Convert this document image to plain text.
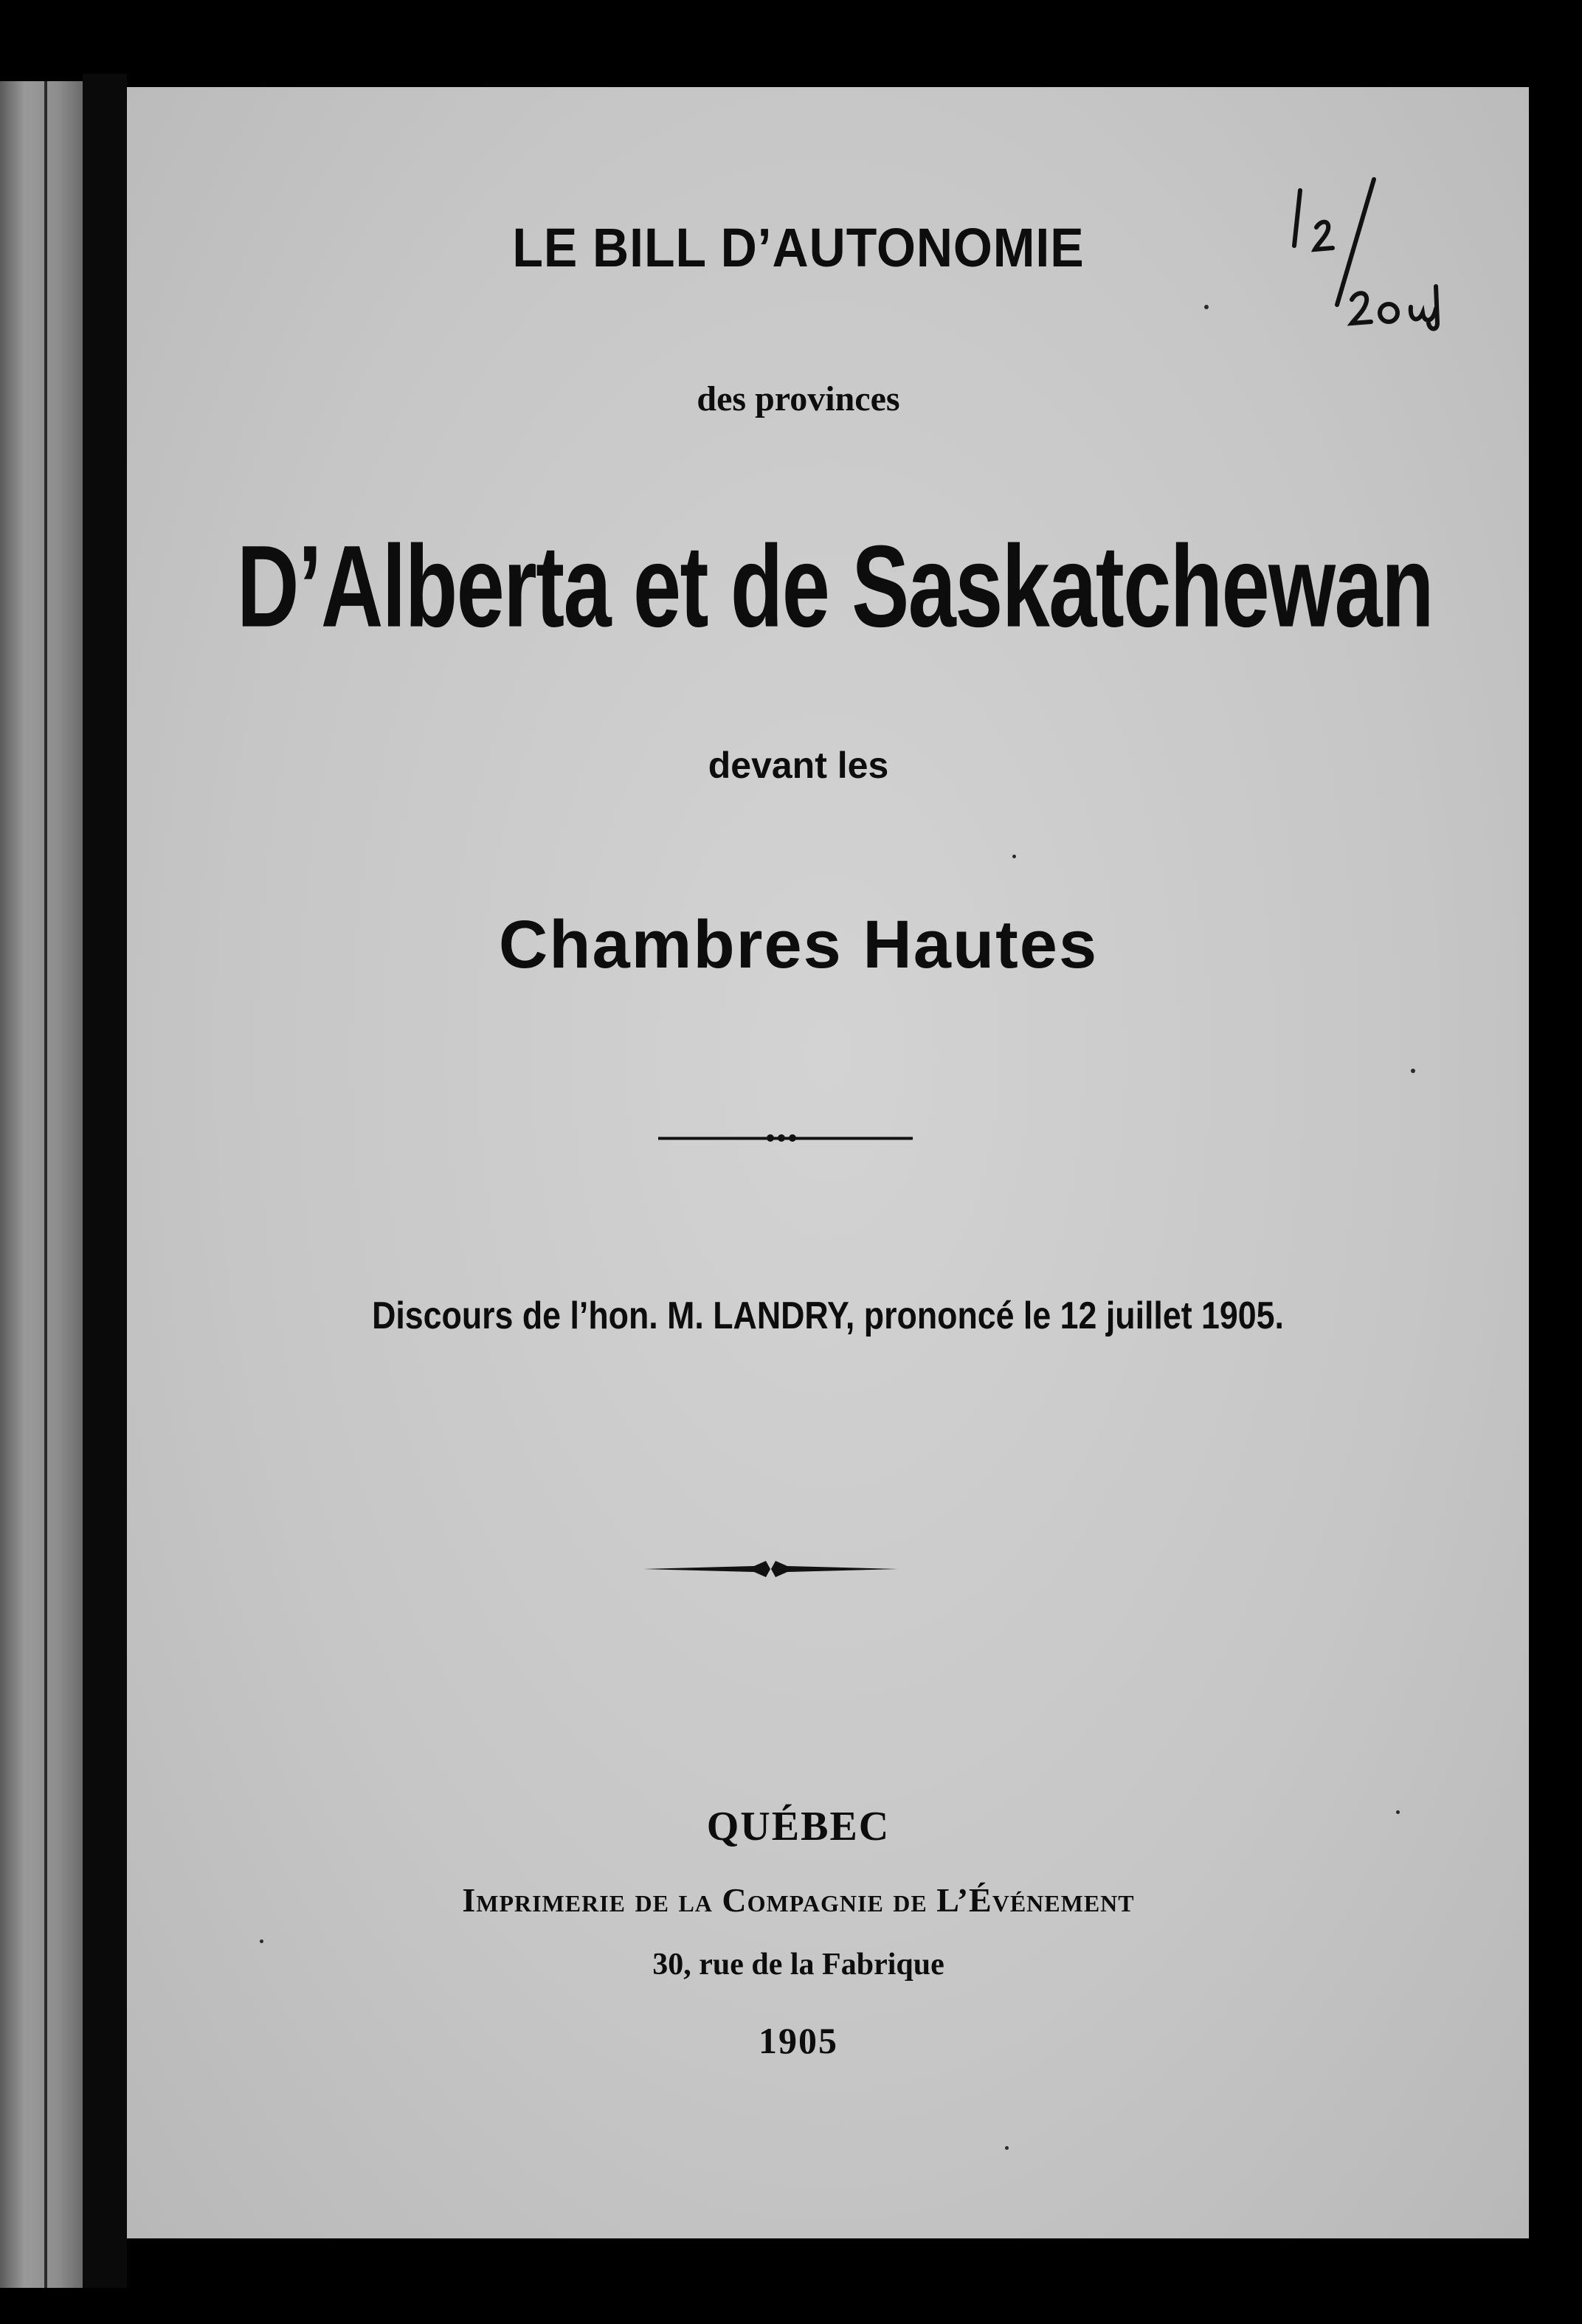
LE BILL D’AUTONOMIE
des provinces
D’Alberta et de Saskatchewan
devant les
Chambres Hautes
Discours de l’hon. M. LANDRY, prononcé le 12 juillet 1905.
QUÉBEC
Imprimerie de la Compagnie de L’Événement
30, rue de la Fabrique
1905
